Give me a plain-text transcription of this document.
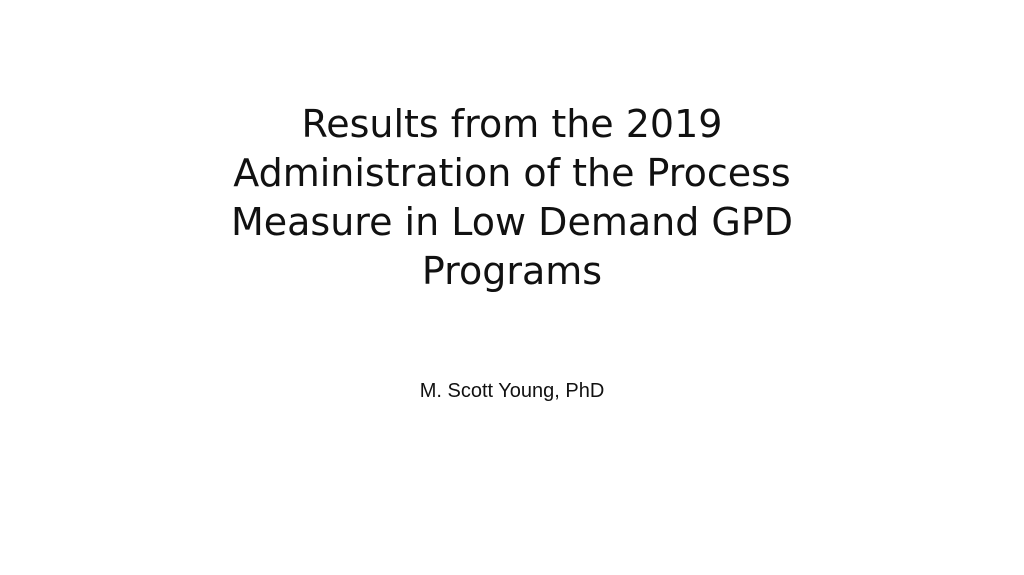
Results from the 2019
Administration of the Process
Measure in Low Demand GPD
Programs

M. Scott Young, PhD
